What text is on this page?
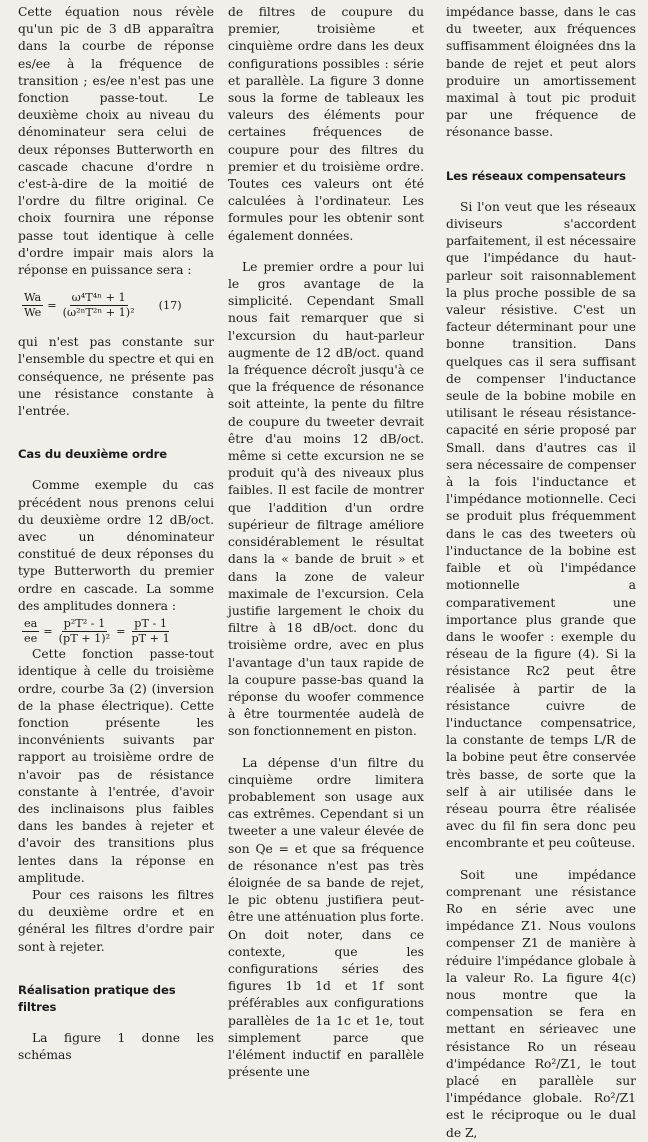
Cette équation nous révèle qu'un pic de 3 dB apparaîtra dans la courbe de réponse es/ee à la fréquence de transition ; es/ee n'est pas une fonction passe-tout. Le deuxième choix au niveau du dénominateur sera celui de deux réponses Butterworth en cascade chacune d'ordre n c'est-à-dire de la moitié de l'ordre du filtre original. Ce choix fournira une réponse passe tout identique à celle d'ordre impair mais alors la réponse en puissance sera :

$\frac{Wa}{We} = \frac{\text{ω⁴T⁴ⁿ + 1}}{\text{(ω²ⁿT²ⁿ + 1)²}} (17)$

qui n'est pas constante sur l'ensemble du spectre et qui en conséquence, ne présente pas une résistance constante à l'entrée.

Cas du deuxième ordre

Comme exemple du cas précédent nous prenons celui du deuxième ordre 12 dB/oct. avec un dénominateur constitué de deux réponses du type Butterworth du premier ordre en cascade. La somme des amplitudes donnera :

$\frac{ea}{ee} = \frac{\text{p²T² - 1}}{\text{(pT + 1)²}} = \frac{pT - 1}{pT + 1}$

Cette fonction passe-tout identique à celle du troisième ordre, courbe 3a (2) (inversion de la phase électrique). Cette fonction présente les inconvénients suivants par rapport au troisième ordre de n'avoir pas de résistance constante à l'entrée, d'avoir des inclinaisons plus faibles dans les bandes à rejeter et d'avoir des transitions plus lentes dans la réponse en amplitude.

Pour ces raisons les filtres du deuxième ordre et en général les filtres d'ordre pair sont à rejeter.

Réalisation pratique des filtres

La figure 1 donne les schémas

de filtres de coupure du premier, troisième et cinquième ordre dans les deux configurations possibles : série et parallèle. La figure 3 donne sous la forme de tableaux les valeurs des éléments pour certaines fréquences de coupure pour des filtres du premier et du troisième ordre. Toutes ces valeurs ont été calculées à l'ordinateur. Les formules pour les obtenir sont également données.

Le premier ordre a pour lui le gros avantage de la simplicité. Cependant Small nous fait remarquer que si l'excursion du haut-parleur augmente de 12 dB/oct. quand la fréquence décroît jusqu'à ce que la fréquence de résonance soit atteinte, la pente du filtre de coupure du tweeter devrait être d'au moins 12 dB/oct. même si cette excursion ne se produit qu'à des niveaux plus faibles. Il est facile de montrer que l'addition d'un ordre supérieur de filtrage améliore considérablement le résultat dans la « bande de bruit » et dans la zone de valeur maximale de l'excursion. Cela justifie largement le choix du filtre à 18 dB/oct. donc du troisième ordre, avec en plus l'avantage d'un taux rapide de la coupure passe-bas quand la réponse du woofer commence à être tourmentée audelà de son fonctionnement en piston.

La dépense d'un filtre du cinquième ordre limitera probablement son usage aux cas extrêmes. Cependant si un tweeter a une valeur élevée de son Qe = et que sa fréquence de résonance n'est pas très éloignée de sa bande de rejet, le pic obtenu justifiera peut-être une atténuation plus forte. On doit noter, dans ce contexte, que les configurations séries des figures 1b 1d et 1f sont préférables aux configurations parallèles de 1a 1c et 1e, tout simplement parce que l'élément inductif en parallèle présente une

impédance basse, dans le cas du tweeter, aux fréquences suffisamment éloignées dns la bande de rejet et peut alors produire un amortissement maximal à tout pic produit par une fréquence de résonance basse.

Les réseaux compensateurs

Si l'on veut que les réseaux diviseurs s'accordent parfaitement, il est nécessaire que l'impédance du haut-parleur soit raisonnablement la plus proche possible de sa valeur résistive. C'est un facteur déterminant pour une bonne transition. Dans quelques cas il sera suffisant de compenser l'inductance seule de la bobine mobile en utilisant le réseau résistance-capacité en série proposé par Small. dans d'autres cas il sera nécessaire de compenser à la fois l'inductance et l'impédance motionnelle. Ceci se produit plus fréquemment dans le cas des tweeters où l'inductance de la bobine est faible et où l'impédance motionnelle a comparativement une importance plus grande que dans le woofer : exemple du réseau de la figure (4). Si la résistance Rc2 peut être réalisée à partir de la résistance cuivre de l'inductance compensatrice, la constante de temps L/R de la bobine peut être conservée très basse, de sorte que la self à air utilisée dans le réseau pourra être réalisée avec du fil fin sera donc peu encombrante et peu coûteuse.

Soit une impédance comprenant une résistance Ro en série avec une impédance Z1. Nous voulons compenser Z1 de manière à réduire l'impédance globale à la valeur Ro. La figure 4(c) nous montre que la compensation se fera en mettant en sérieavec une résistance Ro un réseau d'impédance Ro²/Z1, le tout placé en parallèle sur l'impédance globale. Ro²/Z1 est le réciproque ou le dual de Z,
